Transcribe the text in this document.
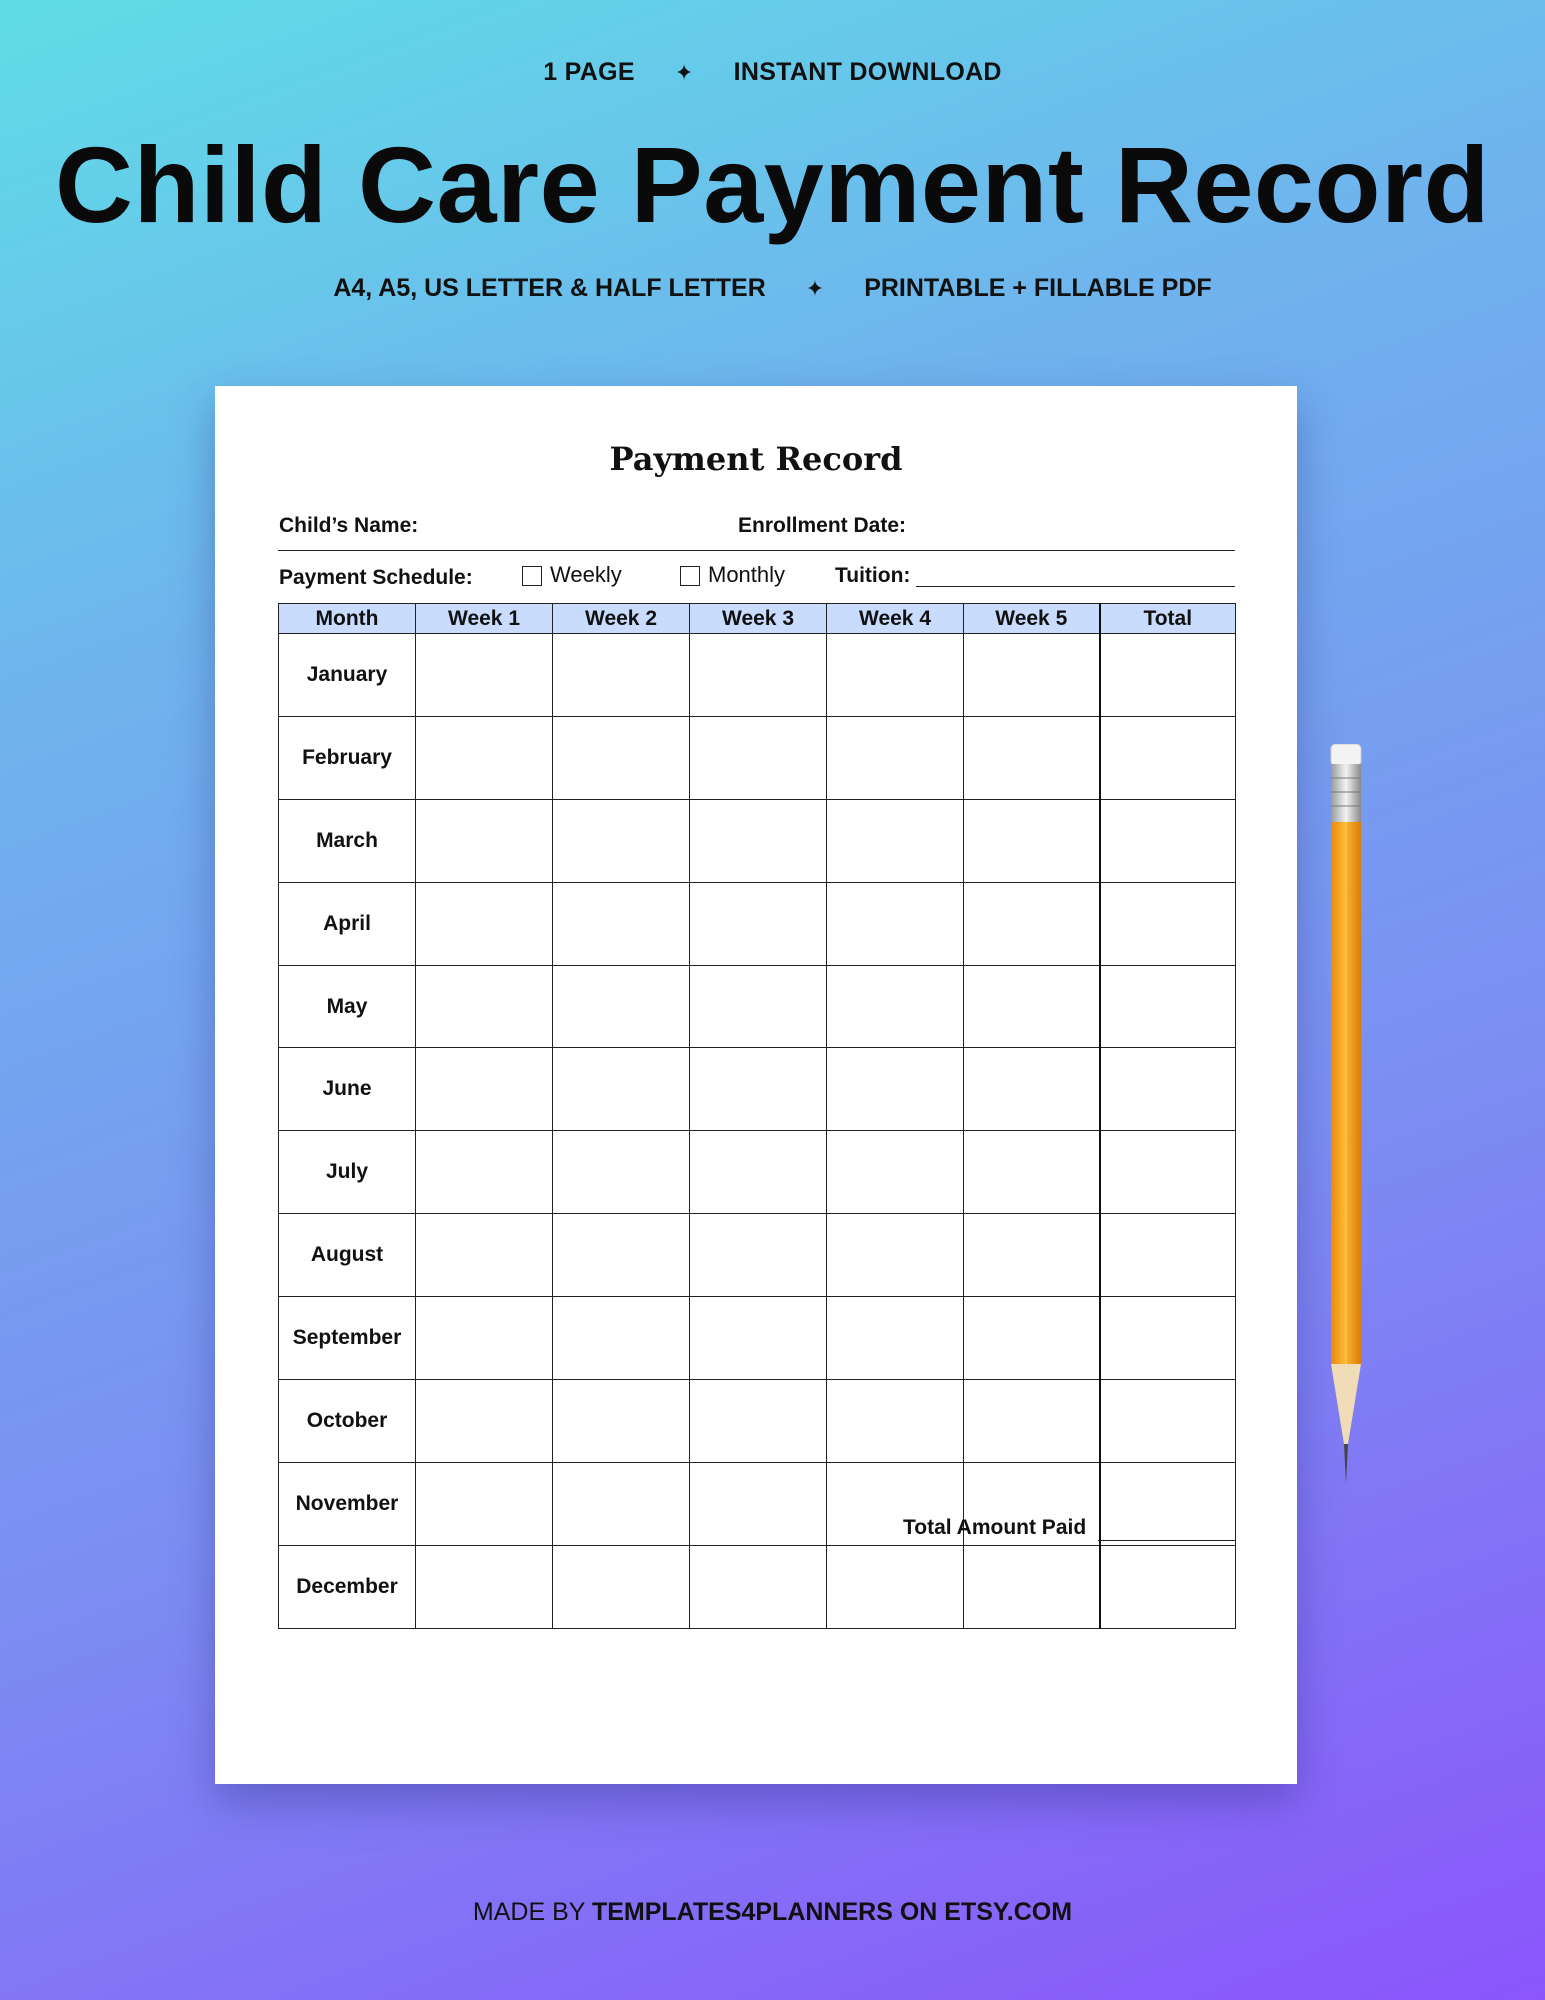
1 PAGE ✦ INSTANT DOWNLOAD
Child Care Payment Record
A4, A5, US LETTER & HALF LETTER ✦ PRINTABLE + FILLABLE PDF
Payment Record
Child’s Name:	Enrollment Date:
Payment Schedule:	Weekly	Monthly Tuition:
Month	Week 1	Week 2	Week 3	Week 4	Week 5	Total
January						
February						
March						
April						
May						
June						
July						
August						
September						
October						
November						
December						
Total Amount Paid
MADE BY TEMPLATES4PLANNERS ON ETSY.COM
